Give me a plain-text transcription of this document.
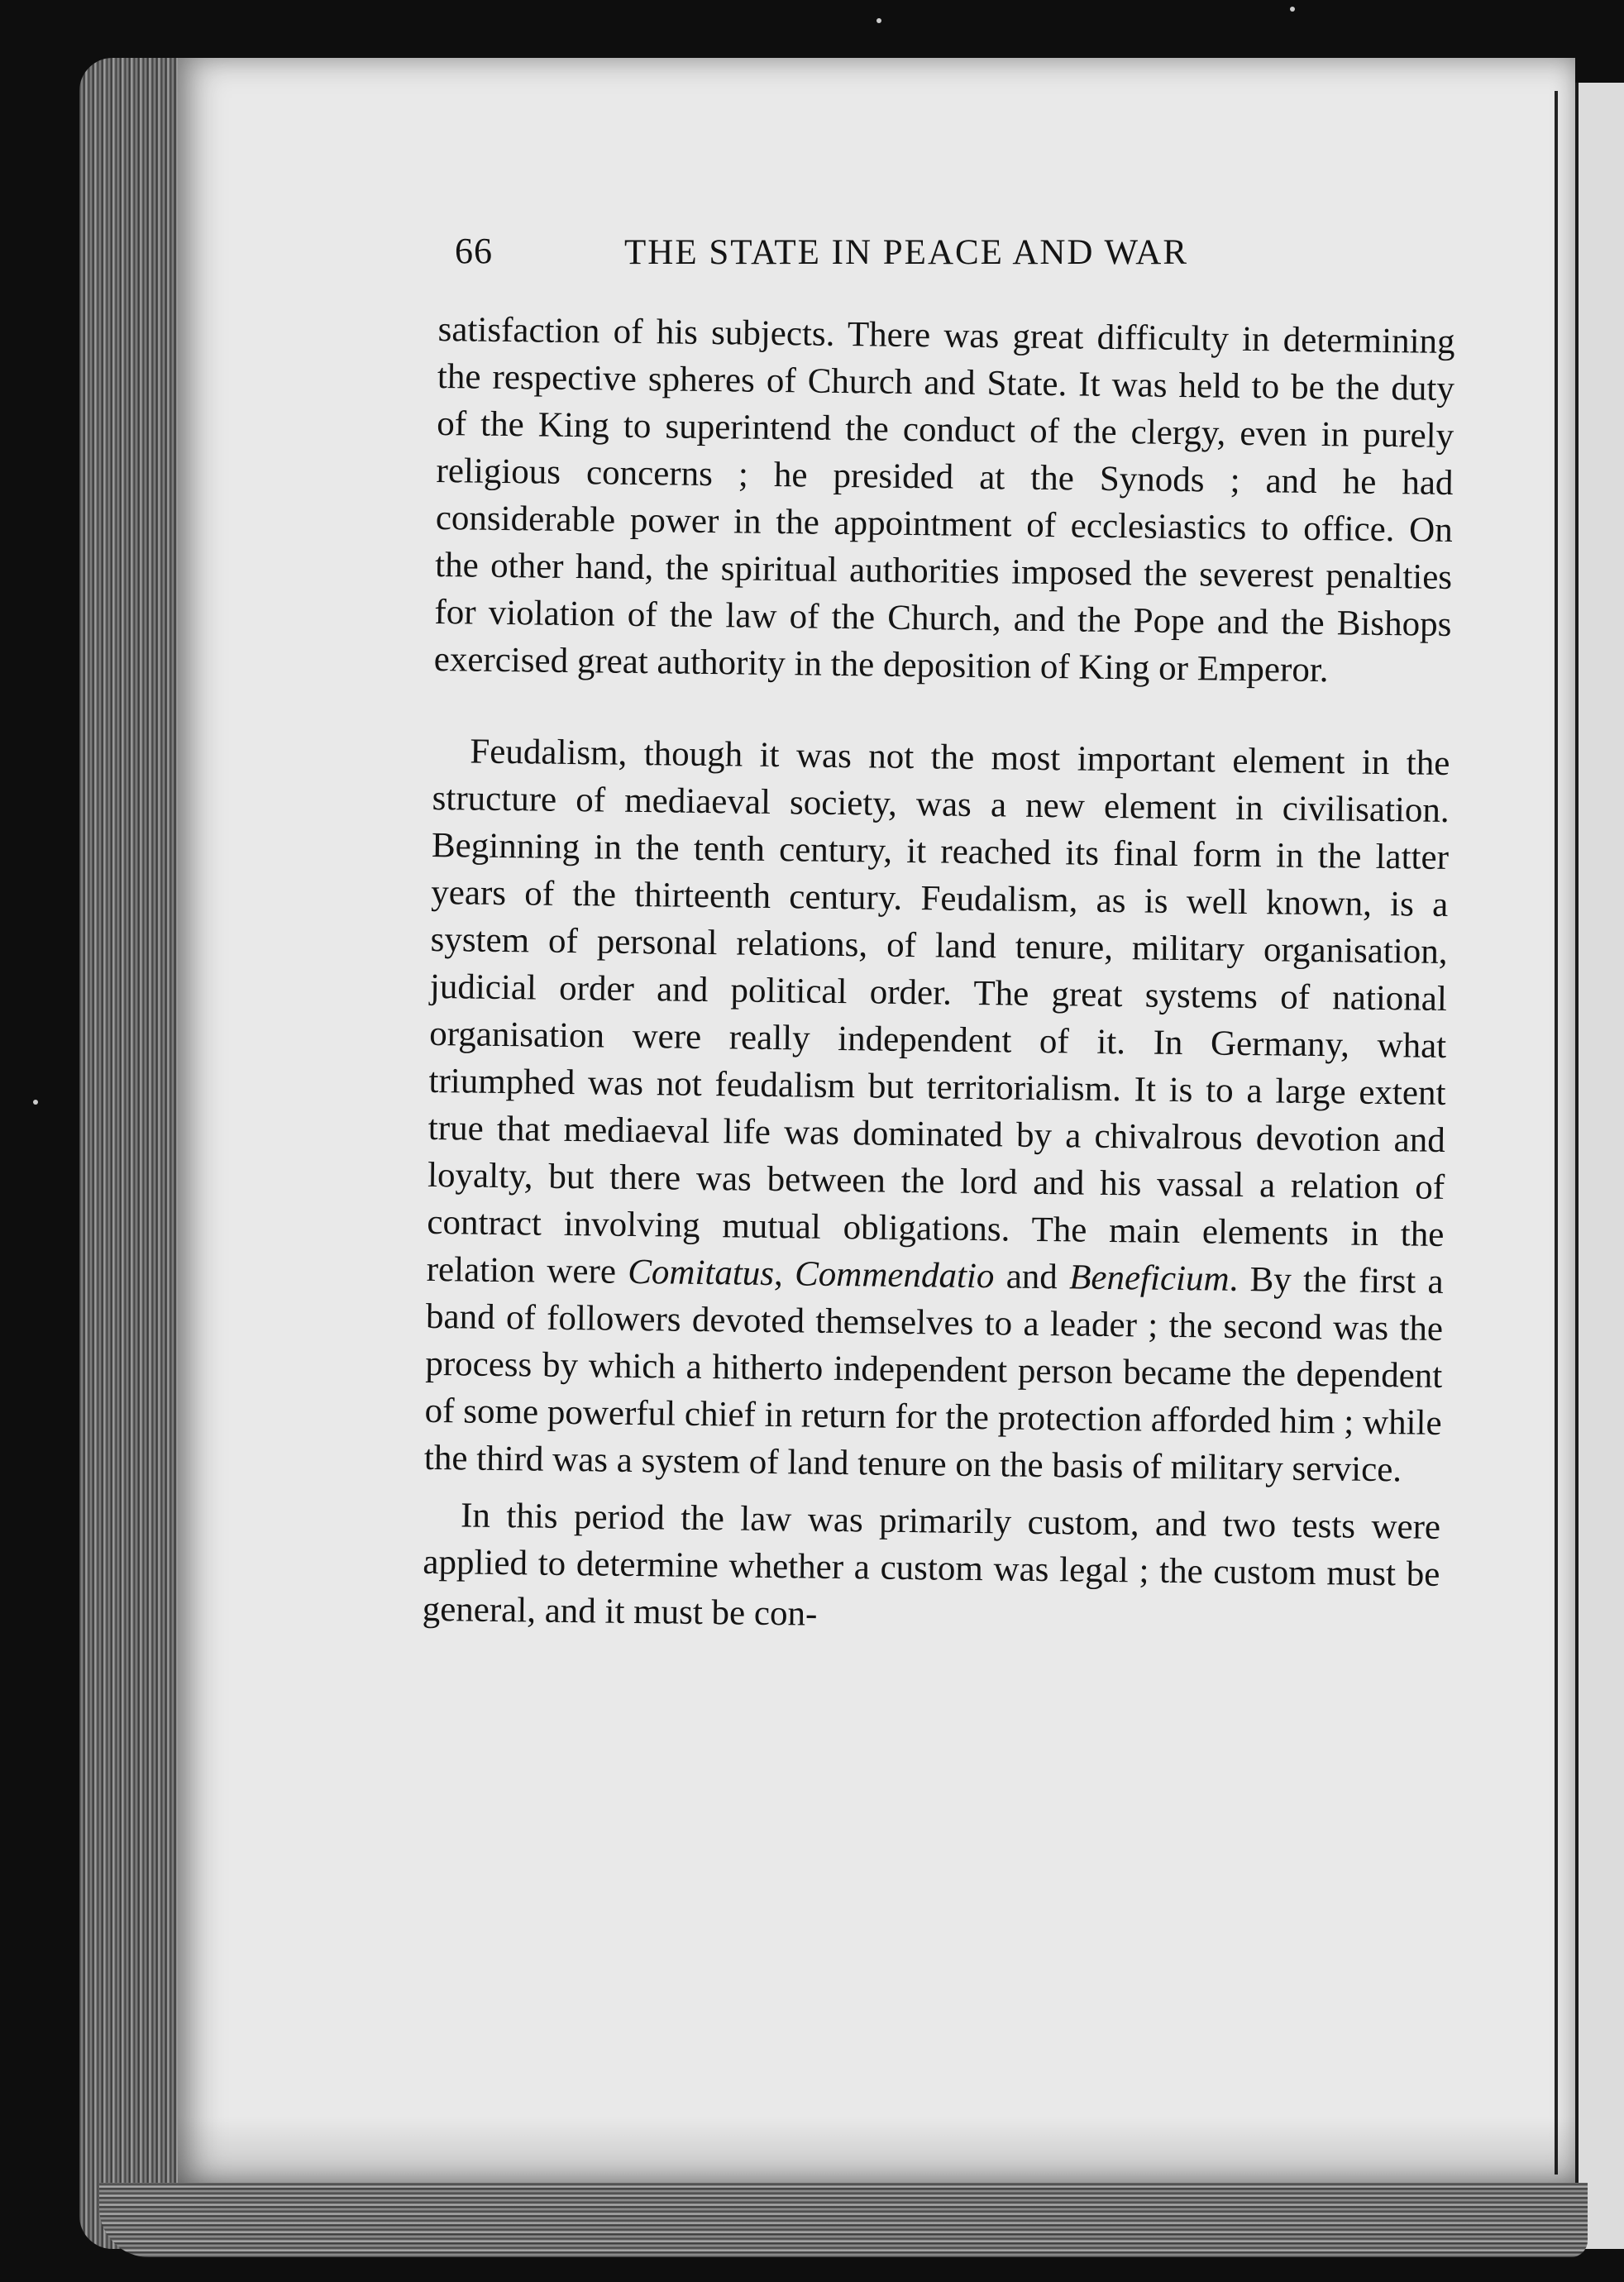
66	THE STATE IN PEACE AND WAR

satisfaction of his subjects. There was great difficulty in determining the respective spheres of Church and State. It was held to be the duty of the King to superintend the conduct of the clergy, even in purely religious concerns ; he presided at the Synods ; and he had considerable power in the appointment of ecclesiastics to office. On the other hand, the spiritual authorities imposed the severest penalties for violation of the law of the Church, and the Pope and the Bishops exercised great authority in the deposition of King or Emperor.

Feudalism, though it was not the most important element in the structure of mediaeval society, was a new element in civilisation. Beginning in the tenth century, it reached its final form in the latter years of the thirteenth century. Feudalism, as is well known, is a system of personal relations, of land tenure, military organisation, judicial order and political order. The great systems of national organisation were really independent of it. In Germany, what triumphed was not feudalism but territorialism. It is to a large extent true that mediaeval life was dominated by a chivalrous devotion and loyalty, but there was between the lord and his vassal a relation of contract involving mutual obligations. The main elements in the relation were Comitatus, Commendatio and Beneficium. By the first a band of followers devoted themselves to a leader ; the second was the process by which a hitherto independent person became the dependent of some powerful chief in return for the protection afforded him ; while the third was a system of land tenure on the basis of military service.

In this period the law was primarily custom, and two tests were applied to determine whether a custom was legal ; the custom must be general, and it must be con-
